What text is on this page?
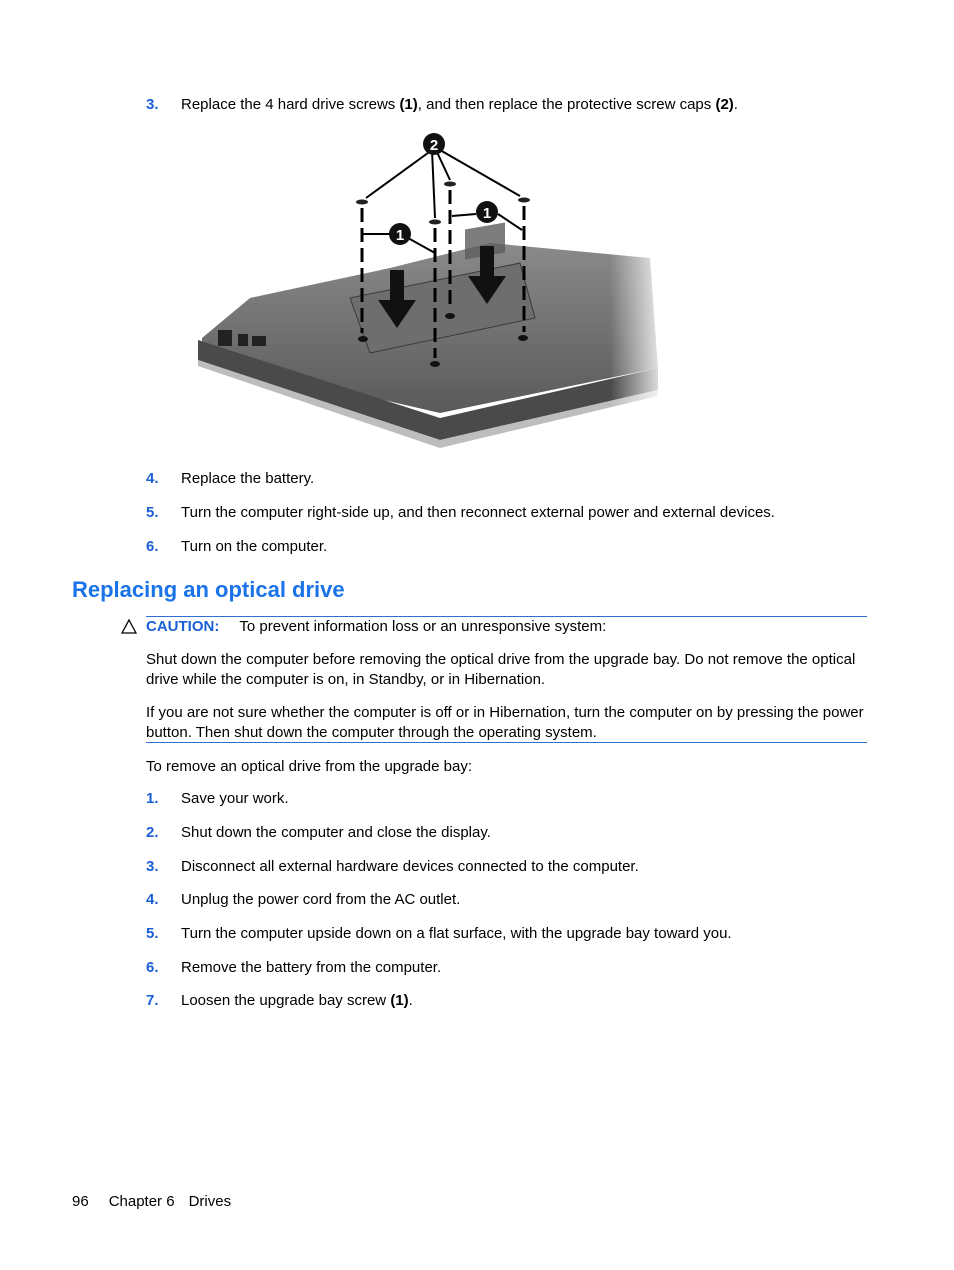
3. Replace the 4 hard drive screws (1), and then replace the protective screw caps (2).
2
1
1
4. Replace the battery.
5. Turn the computer right-side up, and then reconnect external power and external devices.
6. Turn on the computer.
Replacing an optical drive
CAUTION: To prevent information loss or an unresponsive system:
Shut down the computer before removing the optical drive from the upgrade bay. Do not remove the optical drive while the computer is on, in Standby, or in Hibernation.
If you are not sure whether the computer is off or in Hibernation, turn the computer on by pressing the power button. Then shut down the computer through the operating system.
To remove an optical drive from the upgrade bay:
1. Save your work.
2. Shut down the computer and close the display.
3. Disconnect all external hardware devices connected to the computer.
4. Unplug the power cord from the AC outlet.
5. Turn the computer upside down on a flat surface, with the upgrade bay toward you.
6. Remove the battery from the computer.
7. Loosen the upgrade bay screw (1).
96 Chapter 6 Drives
